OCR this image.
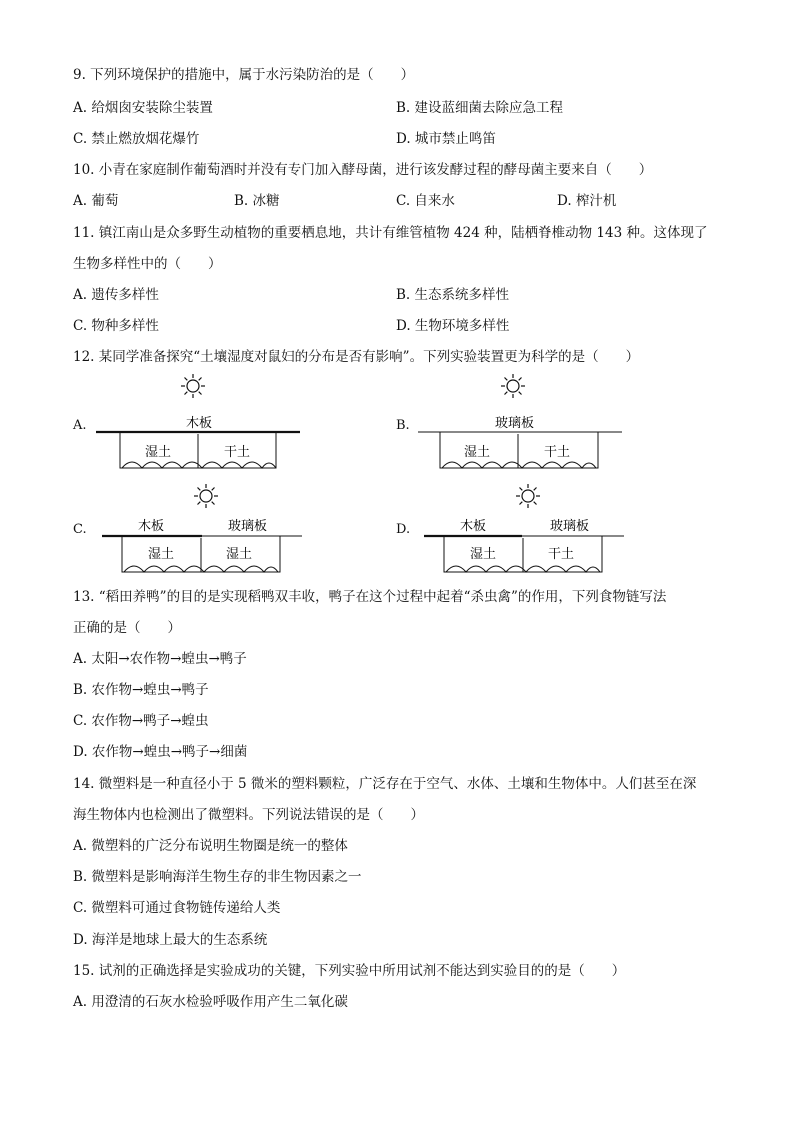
9. 下列环境保护的措施中，属于水污染防治的是（　　）
A. 给烟囱安装除尘装置	B. 建设蓝细菌去除应急工程
C. 禁止燃放烟花爆竹	D. 城市禁止鸣笛
10. 小青在家庭制作葡萄酒时并没有专门加入酵母菌，进行该发酵过程的酵母菌主要来自（　　）
A. 葡萄	B. 冰糖	C. 自来水	D. 榨汁机
11. 镇江南山是众多野生动植物的重要栖息地，共计有维管植物 424 种，陆栖脊椎动物 143 种。这体现了
生物多样性中的（　　）
A. 遗传多样性	B. 生态系统多样性
C. 物种多样性	D. 生物环境多样性
12. 某同学准备探究“土壤湿度对鼠妇的分布是否有影响”。下列实验装置更为科学的是（　　）
A.	B.
C.	D.
木板
湿土	干土
玻璃板
湿土	干土
木板	玻璃板
湿土	湿土
木板	玻璃板
湿土	干土
13. “稻田养鸭”的目的是实现稻鸭双丰收，鸭子在这个过程中起着“杀虫禽”的作用，下列食物链写法
正确的是（　　）
A. 太阳→农作物→蝗虫→鸭子
B. 农作物→蝗虫→鸭子
C. 农作物→鸭子→蝗虫
D. 农作物→蝗虫→鸭子→细菌
14. 微塑料是一种直径小于 5 微米的塑料颗粒，广泛存在于空气、水体、土壤和生物体中。人们甚至在深
海生物体内也检测出了微塑料。下列说法错误的是（　　）
A. 微塑料的广泛分布说明生物圈是统一的整体
B. 微塑料是影响海洋生物生存的非生物因素之一
C. 微塑料可通过食物链传递给人类
D. 海洋是地球上最大的生态系统
15. 试剂的正确选择是实验成功的关键，下列实验中所用试剂不能达到实验目的的是（　　）
A. 用澄清的石灰水检验呼吸作用产生二氧化碳
